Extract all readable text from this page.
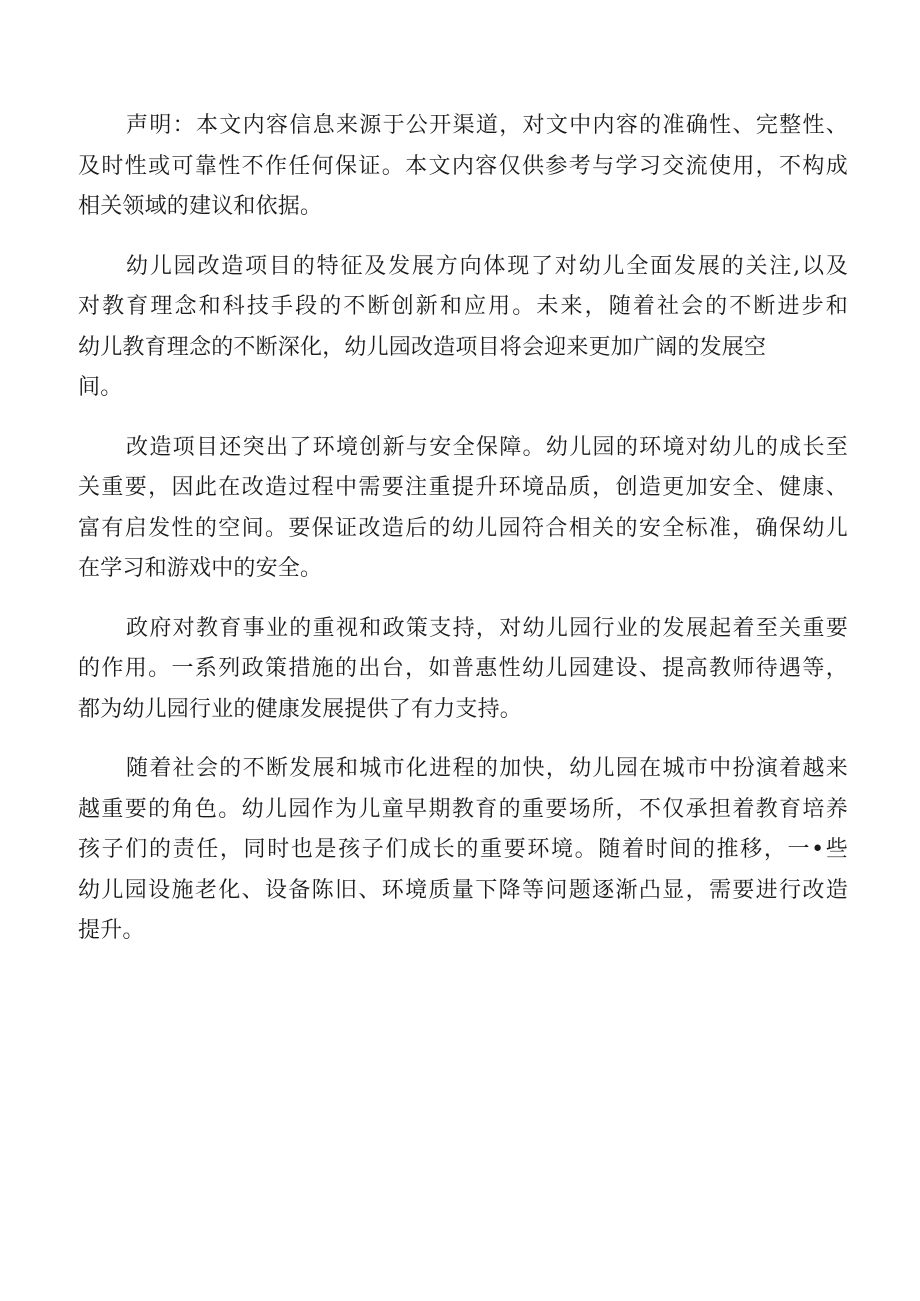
声明：本文内容信息来源于公开渠道，对文中内容的准确性、完整性、
及时性或可靠性不作任何保证。本文内容仅供参考与学习交流使用，不构成
相关领域的建议和依据。

幼儿园改造项目的特征及发展方向体现了对幼儿全面发展的关注,以及
对教育理念和科技手段的不断创新和应用。未来，随着社会的不断进步和
幼儿教育理念的不断深化，幼儿园改造项目将会迎来更加广阔的发展空
间。

改造项目还突出了环境创新与安全保障。幼儿园的环境对幼儿的成长至
关重要，因此在改造过程中需要注重提升环境品质，创造更加安全、健康、
富有启发性的空间。要保证改造后的幼儿园符合相关的安全标准，确保幼儿
在学习和游戏中的安全。

政府对教育事业的重视和政策支持，对幼儿园行业的发展起着至关重要
的作用。一系列政策措施的出台，如普惠性幼儿园建设、提高教师待遇等，
都为幼儿园行业的健康发展提供了有力支持。

随着社会的不断发展和城市化进程的加快，幼儿园在城市中扮演着越来
越重要的角色。幼儿园作为儿童早期教育的重要场所，不仅承担着教育培养
孩子们的责任，同时也是孩子们成长的重要环境。随着时间的推移，一•些
幼儿园设施老化、设备陈旧、环境质量下降等问题逐渐凸显，需要进行改造
提升。
